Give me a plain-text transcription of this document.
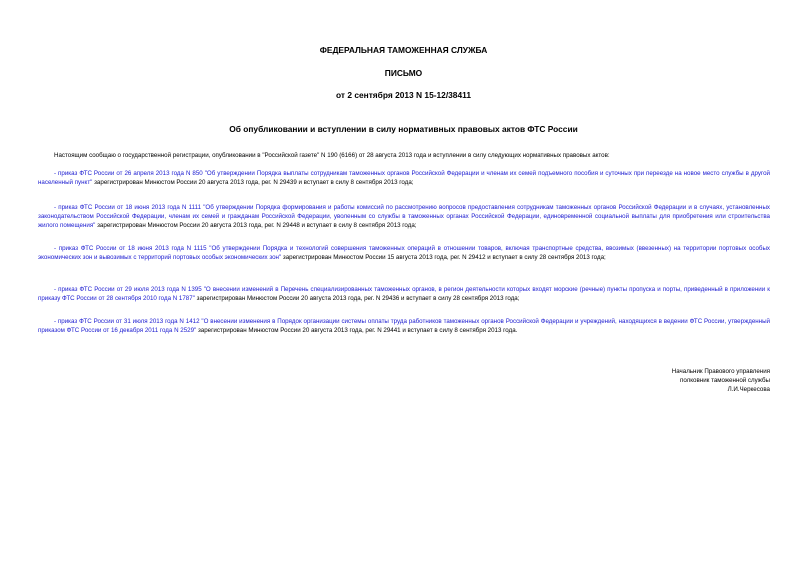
ФЕДЕРАЛЬНАЯ ТАМОЖЕННАЯ СЛУЖБА
ПИСЬМО
от 2 сентября 2013 N 15-12/38411
Об опубликовании и вступлении в силу нормативных правовых актов ФТС России
Настоящим сообщаю о государственной регистрации, опубликовании в "Российской газете" N 190 (6166) от 28 августа 2013 года и вступлении в силу следующих нормативных правовых актов:
- приказ ФТС России от 26 апреля 2013 года N 850 "Об утверждении Порядка выплаты сотрудникам таможенных органов Российской Федерации и членам их семей подъемного пособия и суточных при переезде на новое место службы в другой населенный пункт" зарегистрирован Минюстом России 20 августа 2013 года, рег. N 29439 и вступает в силу 8 сентября 2013 года;
- приказ ФТС России от 18 июня 2013 года N 1111 "Об утверждении Порядка формирования и работы комиссий по рассмотрению вопросов предоставления сотрудникам таможенных органов Российской Федерации и в случаях, установленных законодательством Российской Федерации, членам их семей и гражданам Российской Федерации, уволенным со службы в таможенных органах Российской Федерации, единовременной социальной выплаты для приобретения или строительства жилого помещения" зарегистрирован Минюстом России 20 августа 2013 года, рег. N 29448 и вступает в силу 8 сентября 2013 года;
- приказ ФТС России от 18 июня 2013 года N 1115 "Об утверждении Порядка и технологий совершения таможенных операций в отношении товаров, включая транспортные средства, ввозимых (ввезенных) на территории портовых особых экономических зон и вывозимых с территорий портовых особых экономических зон" зарегистрирован Минюстом России 15 августа 2013 года, рег. N 29412 и вступает в силу 28 сентября 2013 года;
- приказ ФТС России от 29 июля 2013 года N 1395 "О внесении изменений в Перечень специализированных таможенных органов, в регион деятельности которых входят морские (речные) пункты пропуска и порты, приведенный в приложении к приказу ФТС России от 28 сентября 2010 года N 1787" зарегистрирован Минюстом России 20 августа 2013 года, рег. N 29436 и вступает в силу 28 сентября 2013 года;
- приказ ФТС России от 31 июля 2013 года N 1412 "О внесении изменения в Порядок организации системы оплаты труда работников таможенных органов Российской Федерации и учреждений, находящихся в ведении ФТС России, утвержденный приказом ФТС России от 16 декабря 2011 года N 2529" зарегистрирован Минюстом России 20 августа 2013 года, рег. N 29441 и вступает в силу 8 сентября 2013 года.
Начальник Правового управления
полковник таможенной службы
Л.И.Черкесова
